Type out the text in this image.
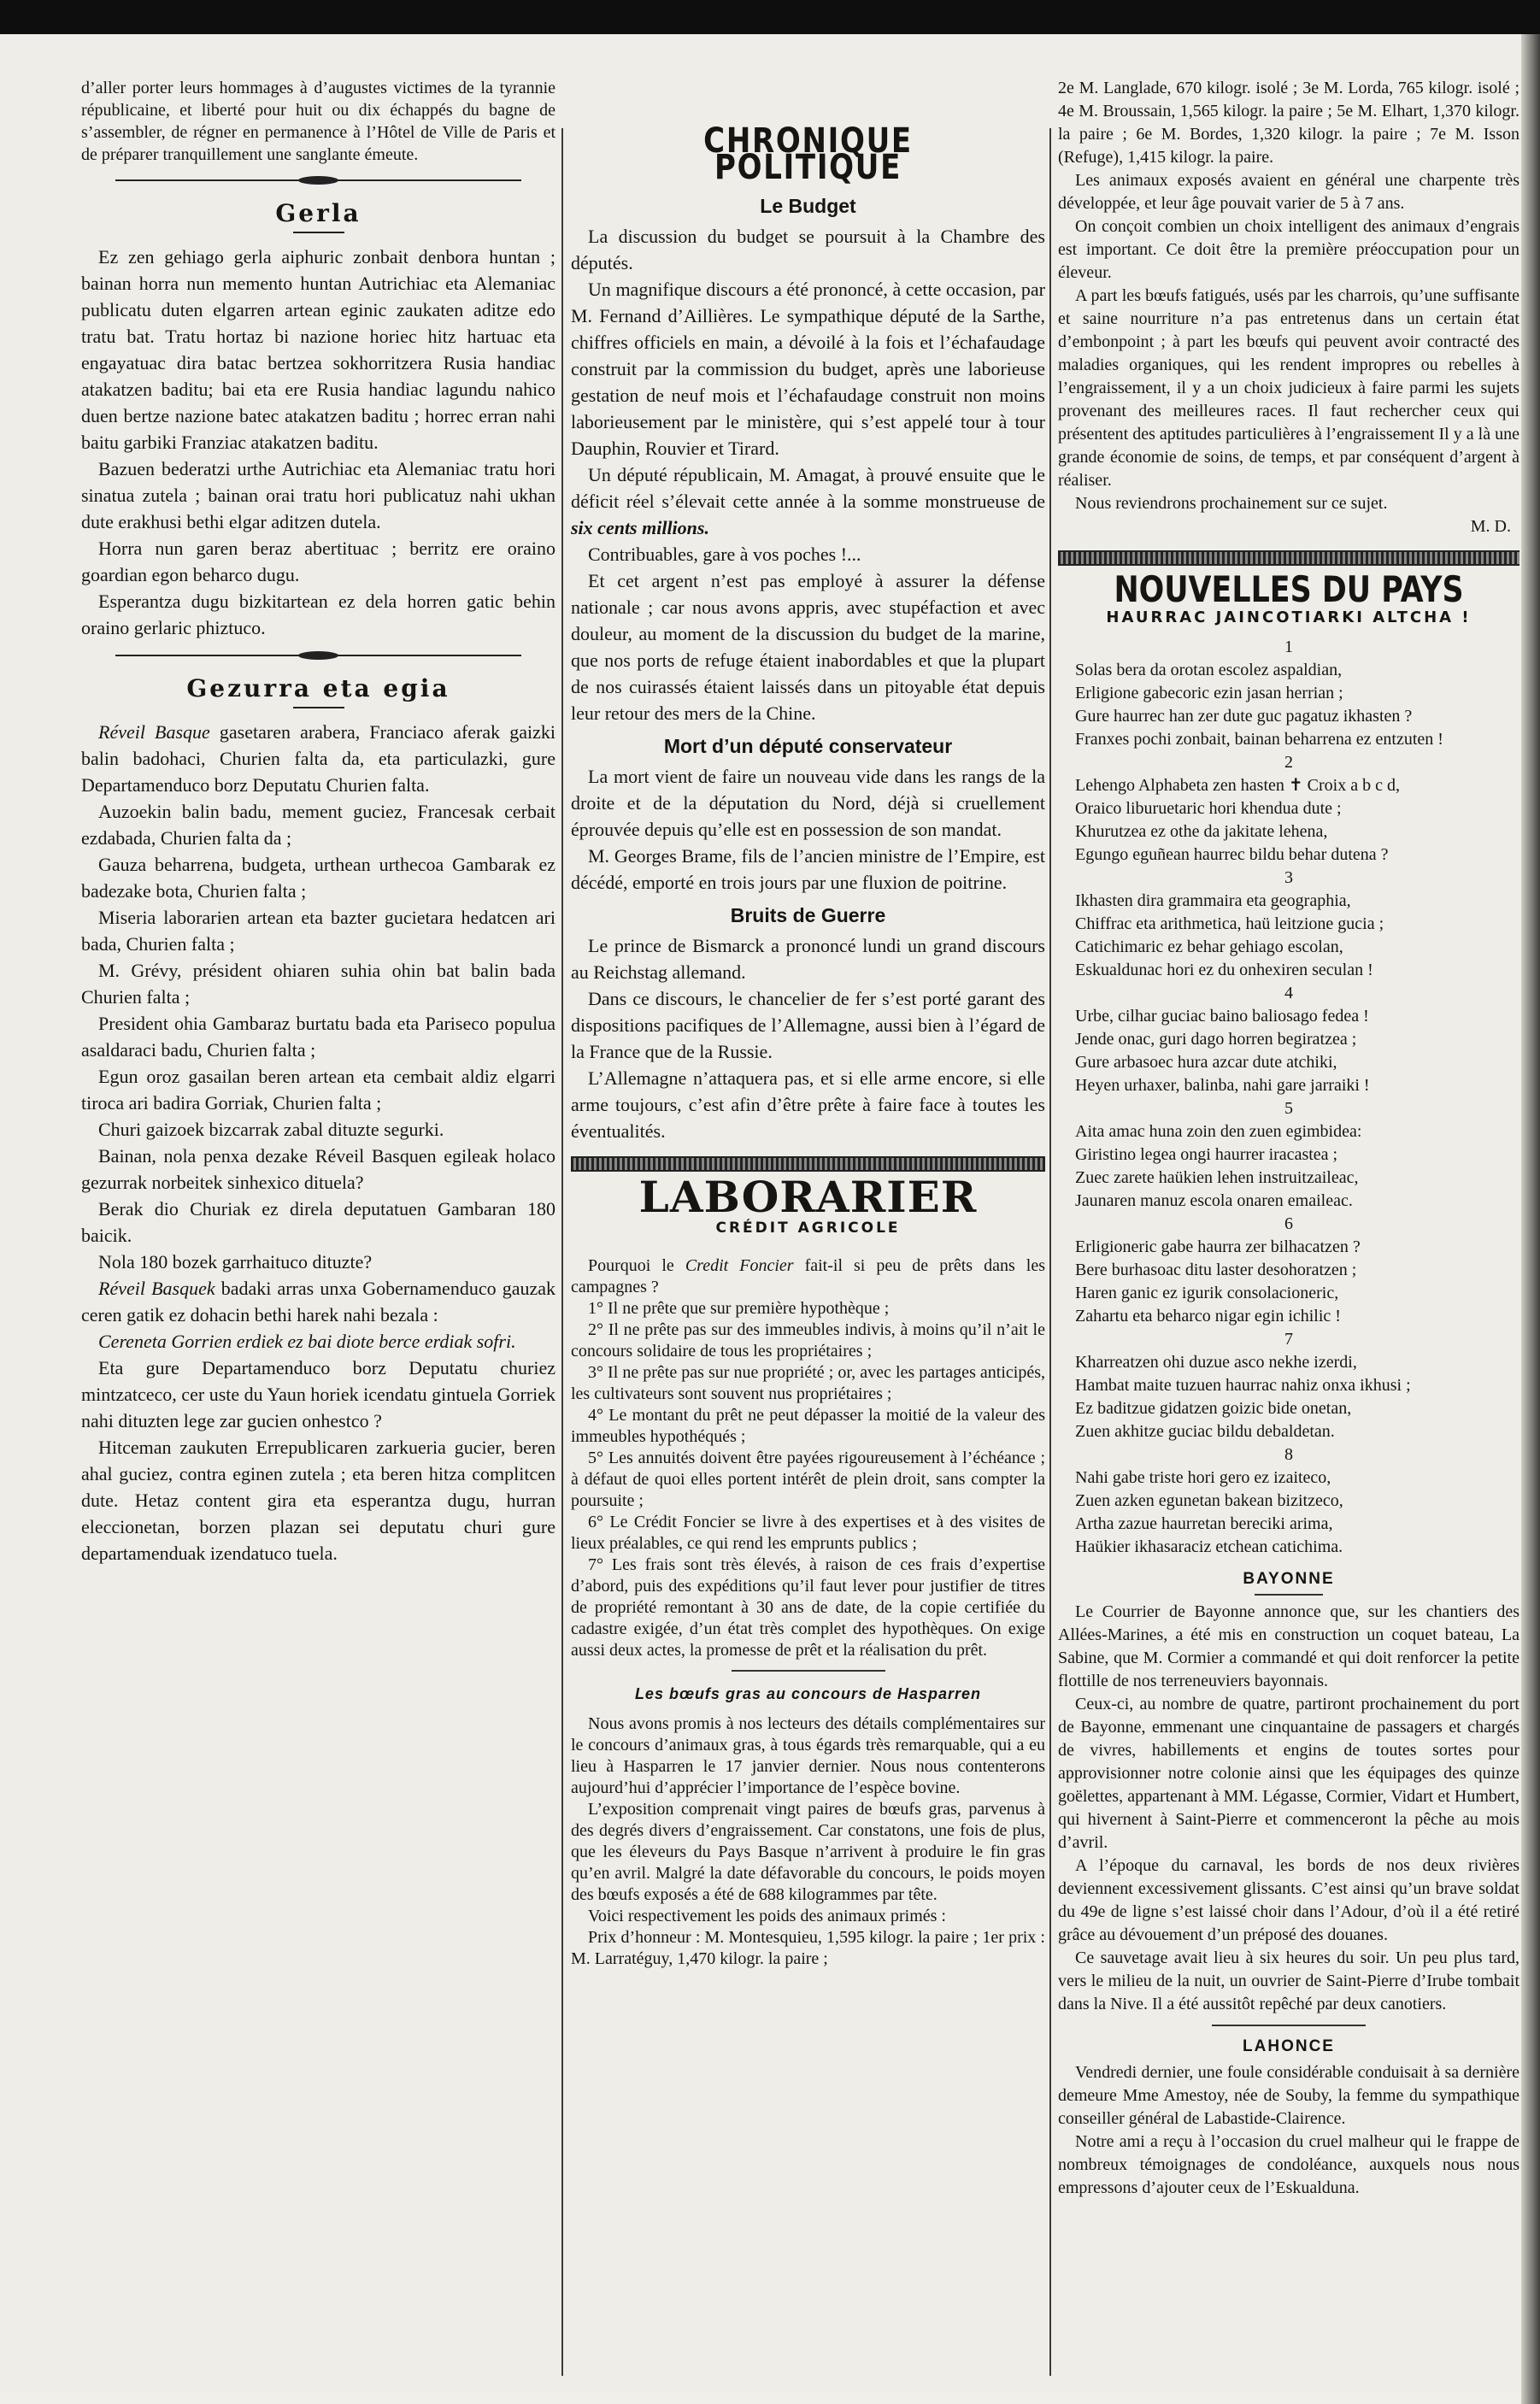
d’aller porter leurs hommages à d’augustes victimes de la tyrannie républicaine, et liberté pour huit ou dix échappés du bagne de s’assembler, de régner en permanence à l’Hôtel de Ville de Paris et de préparer tranquillement une sanglante émeute.

Gerla

Ez zen gehiago gerla aiphuric zonbait denbora huntan ; bainan horra nun memento huntan Autrichiac eta Alemaniac publicatu duten elgarren artean eginic zaukaten aditze edo tratu bat. Tratu hortaz bi nazione horiec hitz hartuac eta engayatuac dira batac bertzea sokhorritzera Rusia handiac atakatzen baditu; bai eta ere Rusia handiac lagundu nahico duen bertze nazione batec atakatzen baditu ; horrec erran nahi baitu garbiki Franziac atakatzen baditu.

Bazuen bederatzi urthe Autrichiac eta Alemaniac tratu hori sinatua zutela ; bainan orai tratu hori publicatuz nahi ukhan dute erakhusi bethi elgar aditzen dutela.

Horra nun garen beraz abertituac ; berritz ere oraino goardian egon beharco dugu.

Esperantza dugu bizkitartean ez dela horren gatic behin oraino gerlaric phiztuco.

Gezurra eta egia

Réveil Basque gasetaren arabera, Franciaco aferak gaizki balin badohaci, Churien falta da, eta particulazki, gure Departamenduco borz Deputatu Churien falta.

Auzoekin balin badu, mement guciez, Francesak cerbait ezdabada, Churien falta da ;

Gauza beharrena, budgeta, urthean urthecoa Gambarak ez badezake bota, Churien falta ;

Miseria laborarien artean eta bazter gucietara hedatcen ari bada, Churien falta ;

M. Grévy, président ohiaren suhia ohin bat balin bada Churien falta ;

President ohia Gambaraz burtatu bada eta Pariseco populua asaldaraci badu, Churien falta ;

Egun oroz gasailan beren artean eta cembait aldiz elgarri tiroca ari badira Gorriak, Churien falta ;

Churi gaizoek bizcarrak zabal dituzte segurki.

Bainan, nola penxa dezake Réveil Basquen egileak holaco gezurrak norbeitek sinhexico dituela?

Berak dio Churiak ez direla deputatuen Gambaran 180 baicik.

Nola 180 bozek garrhaituco dituzte?

Réveil Basquek badaki arras unxa Gobernamenduco gauzak ceren gatik ez dohacin bethi harek nahi bezala :

Cereneta Gorrien erdiek ez bai diote berce erdiak sofri.

Eta gure Departamenduco borz Deputatu churiez mintzatceco, cer uste du Yaun horiek icendatu gintuela Gorriek nahi dituzten lege zar gucien onhestco ?

Hitceman zaukuten Errepublicaren zarkueria gucier, beren ahal guciez, contra eginen zutela ; eta beren hitza complitcen dute. Hetaz content gira eta esperantza dugu, hurran eleccionetan, borzen plazan sei deputatu churi gure departamenduak izendatuco tuela.

CHRONIQUE POLITIQUE
Le Budget

La discussion du budget se poursuit à la Chambre des députés.

Un magnifique discours a été prononcé, à cette occasion, par M. Fernand d’Aillières. Le sympathique député de la Sarthe, chiffres officiels en main, a dévoilé à la fois et l’échafaudage construit par la commission du budget, après une laborieuse gestation de neuf mois et l’échafaudage construit non moins laborieusement par le ministère, qui s’est appelé tour à tour Dauphin, Rouvier et Tirard.

Un député républicain, M. Amagat, à prouvé ensuite que le déficit réel s’élevait cette année à la somme monstrueuse de six cents millions.

Contribuables, gare à vos poches !...

Et cet argent n’est pas employé à assurer la défense nationale ; car nous avons appris, avec stupéfaction et avec douleur, au moment de la discussion du budget de la marine, que nos ports de refuge étaient inabordables et que la plupart de nos cuirassés étaient laissés dans un pitoyable état depuis leur retour des mers de la Chine.

Mort d’un député conservateur

La mort vient de faire un nouveau vide dans les rangs de la droite et de la députation du Nord, déjà si cruellement éprouvée depuis qu’elle est en possession de son mandat.

M. Georges Brame, fils de l’ancien ministre de l’Empire, est décédé, emporté en trois jours par une fluxion de poitrine.

Bruits de Guerre

Le prince de Bismarck a prononcé lundi un grand discours au Reichstag allemand.

Dans ce discours, le chancelier de fer s’est porté garant des dispositions pacifiques de l’Allemagne, aussi bien à l’égard de la France que de la Russie.

L’Allemagne n’attaquera pas, et si elle arme encore, si elle arme toujours, c’est afin d’être prête à faire face à toutes les éventualités.

LABORARIER
CRÉDIT AGRICOLE

Pourquoi le Credit Foncier fait-il si peu de prêts dans les campagnes ?

1° Il ne prête que sur première hypothèque ;

2° Il ne prête pas sur des immeubles indivis, à moins qu’il n’ait le concours solidaire de tous les propriétaires ;

3° Il ne prête pas sur nue propriété ; or, avec les partages anticipés, les cultivateurs sont souvent nus propriétaires ;

4° Le montant du prêt ne peut dépasser la moitié de la valeur des immeubles hypothéqués ;

5° Les annuités doivent être payées rigoureusement à l’échéance ; à défaut de quoi elles portent intérêt de plein droit, sans compter la poursuite ;

6° Le Crédit Foncier se livre à des expertises et à des visites de lieux préalables, ce qui rend les emprunts publics ;

7° Les frais sont très élevés, à raison de ces frais d’expertise d’abord, puis des expéditions qu’il faut lever pour justifier de titres de propriété remontant à 30 ans de date, de la copie certifiée du cadastre exigée, d’un état très complet des hypothèques. On exige aussi deux actes, la promesse de prêt et la réalisation du prêt.

Les bœufs gras au concours de Hasparren

Nous avons promis à nos lecteurs des détails complémentaires sur le concours d’animaux gras, à tous égards très remarquable, qui a eu lieu à Hasparren le 17 janvier dernier. Nous nous contenterons aujourd’hui d’apprécier l’importance de l’espèce bovine.

L’exposition comprenait vingt paires de bœufs gras, parvenus à des degrés divers d’engraissement. Car constatons, une fois de plus, que les éleveurs du Pays Basque n’arrivent à produire le fin gras qu’en avril. Malgré la date défavorable du concours, le poids moyen des bœufs exposés a été de 688 kilogrammes par tête.

Voici respectivement les poids des animaux primés :

Prix d’honneur : M. Montesquieu, 1,595 kilogr. la paire ; 1er prix : M. Larratéguy, 1,470 kilogr. la paire ;

2e M. Langlade, 670 kilogr. isolé ; 3e M. Lorda, 765 kilogr. isolé ; 4e M. Broussain, 1,565 kilogr. la paire ; 5e M. Elhart, 1,370 kilogr. la paire ; 6e M. Bordes, 1,320 kilogr. la paire ; 7e M. Isson (Refuge), 1,415 kilogr. la paire.

Les animaux exposés avaient en général une charpente très développée, et leur âge pouvait varier de 5 à 7 ans.

On conçoit combien un choix intelligent des animaux d’engrais est important. Ce doit être la première préoccupation pour un éleveur.

A part les bœufs fatigués, usés par les charrois, qu’une suffisante et saine nourriture n’a pas entretenus dans un certain état d’embonpoint ; à part les bœufs qui peuvent avoir contracté des maladies organiques, qui les rendent impropres ou rebelles à l’engraissement, il y a un choix judicieux à faire parmi les sujets provenant des meilleures races. Il faut rechercher ceux qui présentent des aptitudes particulières à l’engraissement Il y a là une grande économie de soins, de temps, et par conséquent d’argent à réaliser.

Nous reviendrons prochainement sur ce sujet.

M. D.

NOUVELLES DU PAYS
HAURRAC JAINCOTIARKI ALTCHA !

1

Solas bera da orotan escolez aspaldian,

Erligione gabecoric ezin jasan herrian ;

Gure haurrec han zer dute guc pagatuz ikhasten ?

Franxes pochi zonbait, bainan beharrena ez entzuten !

2

Lehengo Alphabeta zen hasten ✝ Croix a b c d,

Oraico liburuetaric hori khendua dute ;

Khurutzea ez othe da jakitate lehena,

Egungo eguñean haurrec bildu behar dutena ?

3

Ikhasten dira grammaira eta geographia,

Chiffrac eta arithmetica, haü leitzione gucia ;

Catichimaric ez behar gehiago escolan,

Eskualdunac hori ez du onhexiren seculan !

4

Urbe, cilhar guciac baino baliosago fedea !

Jende onac, guri dago horren begiratzea ;

Gure arbasoec hura azcar dute atchiki,

Heyen urhaxer, balinba, nahi gare jarraiki !

5

Aita amac huna zoin den zuen egimbidea:

Giristino legea ongi haurrer iracastea ;

Zuec zarete haükien lehen instruitzaileac,

Jaunaren manuz escola onaren emaileac.

6

Erligioneric gabe haurra zer bilhacatzen ?

Bere burhasoac ditu laster desohoratzen ;

Haren ganic ez igurik consolacioneric,

Zahartu eta beharco nigar egin ichilic !

7

Kharreatzen ohi duzue asco nekhe izerdi,

Hambat maite tuzuen haurrac nahiz onxa ikhusi ;

Ez baditzue gidatzen goizic bide onetan,

Zuen akhitze guciac bildu debaldetan.

8

Nahi gabe triste hori gero ez izaiteco,

Zuen azken egunetan bakean bizitzeco,

Artha zazue haurretan bereciki arima,

Haükier ikhasaraciz etchean catichima.

BAYONNE

Le Courrier de Bayonne annonce que, sur les chantiers des Allées-Marines, a été mis en construction un coquet bateau, La Sabine, que M. Cormier a commandé et qui doit renforcer la petite flottille de nos terreneuviers bayonnais.

Ceux-ci, au nombre de quatre, partiront prochainement du port de Bayonne, emmenant une cinquantaine de passagers et chargés de vivres, habillements et engins de toutes sortes pour approvisionner notre colonie ainsi que les équipages des quinze goëlettes, appartenant à MM. Légasse, Cormier, Vidart et Humbert, qui hivernent à Saint-Pierre et commenceront la pêche au mois d’avril.

A l’époque du carnaval, les bords de nos deux rivières deviennent excessivement glissants. C’est ainsi qu’un brave soldat du 49e de ligne s’est laissé choir dans l’Adour, d’où il a été retiré grâce au dévouement d’un préposé des douanes.

Ce sauvetage avait lieu à six heures du soir. Un peu plus tard, vers le milieu de la nuit, un ouvrier de Saint-Pierre d’Irube tombait dans la Nive. Il a été aussitôt repêché par deux canotiers.

LAHONCE

Vendredi dernier, une foule considérable conduisait à sa dernière demeure Mme Amestoy, née de Souby, la femme du sympathique conseiller général de Labastide-Clairence.

Notre ami a reçu à l’occasion du cruel malheur qui le frappe de nombreux témoignages de condoléance, auxquels nous nous empressons d’ajouter ceux de l’Eskualduna.
